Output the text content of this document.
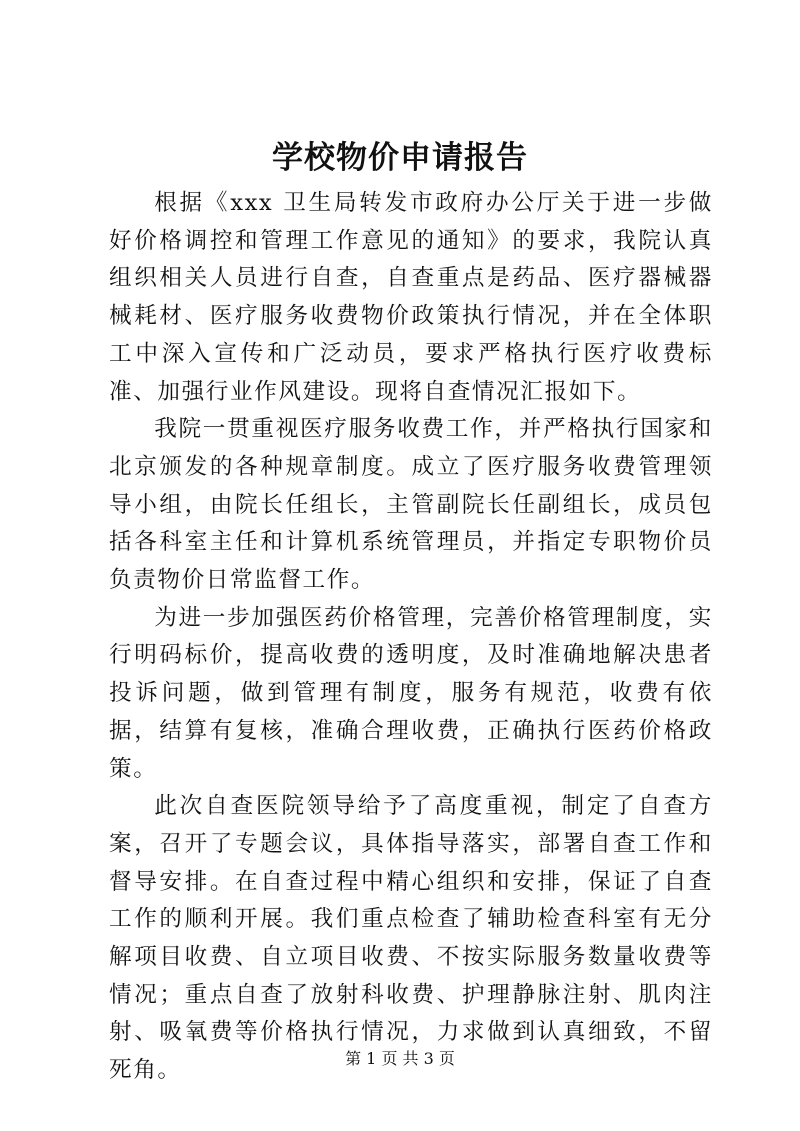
学校物价申请报告

根据《xxx 卫生局转发市政府办公厅关于进一步做好价格调控和管理工作意见的通知》的要求，我院认真组织相关人员进行自查，自查重点是药品、医疗器械器械耗材、医疗服务收费物价政策执行情况，并在全体职工中深入宣传和广泛动员，要求严格执行医疗收费标准、加强行业作风建设。现将自查情况汇报如下。

我院一贯重视医疗服务收费工作，并严格执行国家和北京颁发的各种规章制度。成立了医疗服务收费管理领导小组，由院长任组长，主管副院长任副组长，成员包括各科室主任和计算机系统管理员，并指定专职物价员负责物价日常监督工作。

为进一步加强医药价格管理，完善价格管理制度，实行明码标价，提高收费的透明度，及时准确地解决患者投诉问题，做到管理有制度，服务有规范，收费有依据，结算有复核，准确合理收费，正确执行医药价格政策。

此次自查医院领导给予了高度重视，制定了自查方案，召开了专题会议，具体指导落实，部署自查工作和督导安排。在自查过程中精心组织和安排，保证了自查工作的顺利开展。我们重点检查了辅助检查科室有无分解项目收费、自立项目收费、不按实际服务数量收费等情况；重点自查了放射科收费、护理静脉注射、肌肉注射、吸氧费等价格执行情况，力求做到认真细致，不留死角。	第 1 页 共 3 页
